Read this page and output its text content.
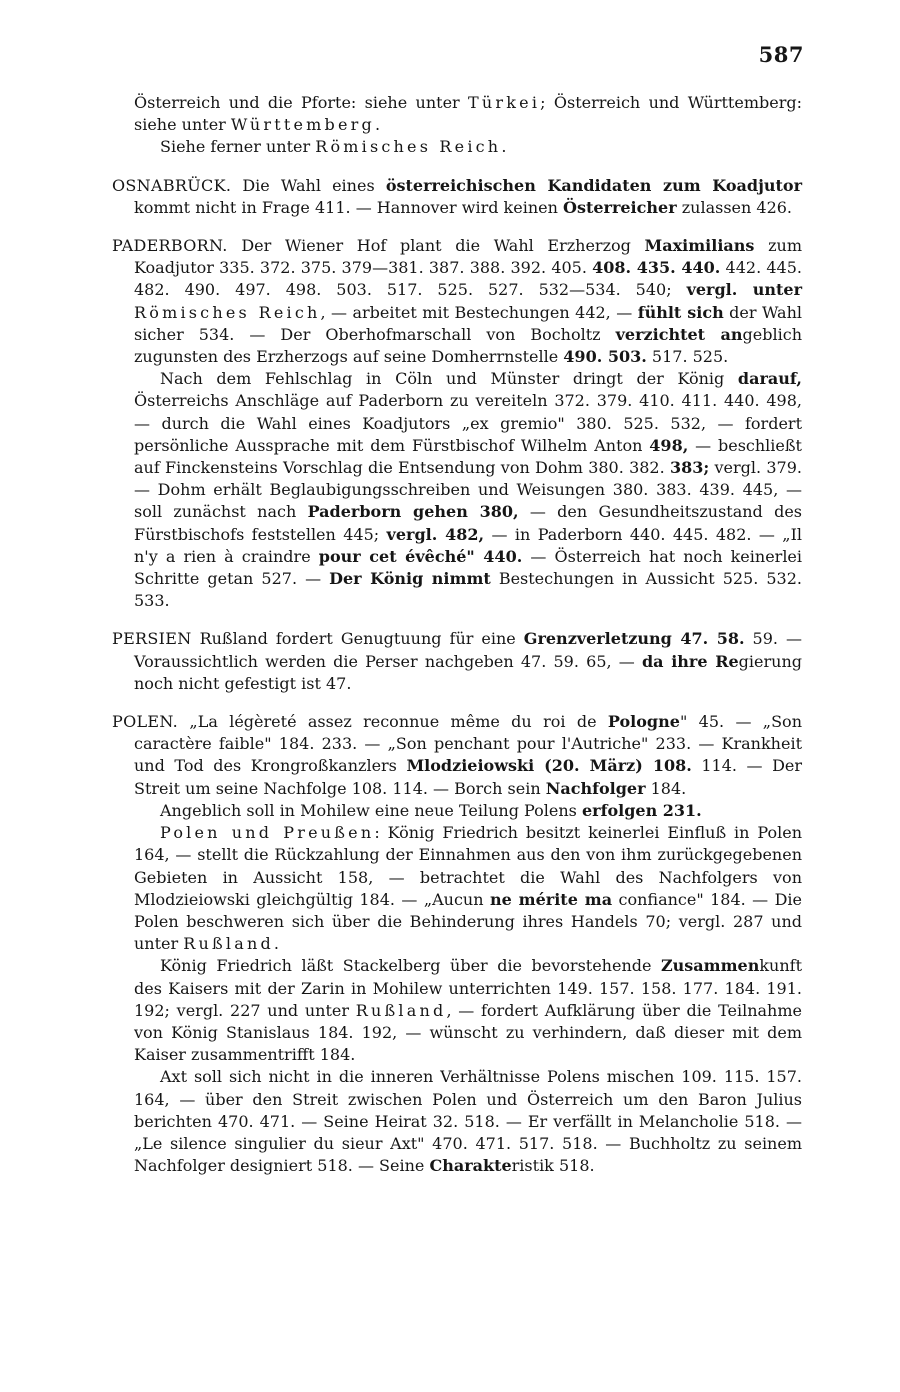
587

Österreich und die Pforte: siehe unter Türkei; Österreich und Württemberg: siehe unter Württemberg.

Siehe ferner unter Römisches Reich.

OSNABRÜCK. Die Wahl eines österreichischen Kandidaten zum Koadjutor kommt nicht in Frage 411. — Hannover wird keinen Österreicher zulassen 426.

PADERBORN. Der Wiener Hof plant die Wahl Erzherzog Maximilians zum Koadjutor 335. 372. 375. 379—381. 387. 388. 392. 405. 408. 435. 440. 442. 445. 482. 490. 497. 498. 503. 517. 525. 527. 532—534. 540; vergl. unter Römisches Reich, — arbeitet mit Bestechungen 442, — fühlt sich der Wahl sicher 534. — Der Oberhofmarschall von Bocholtz verzichtet angeblich zugunsten des Erzherzogs auf seine Domherrnstelle 490. 503. 517. 525.

Nach dem Fehlschlag in Cöln und Münster dringt der König darauf, Österreichs Anschläge auf Paderborn zu vereiteln 372. 379. 410. 411. 440. 498, — durch die Wahl eines Koadjutors „ex gremio" 380. 525. 532, — fordert persönliche Aussprache mit dem Fürstbischof Wilhelm Anton 498, — beschließt auf Finckensteins Vorschlag die Entsendung von Dohm 380. 382. 383; vergl. 379. — Dohm erhält Beglaubigungsschreiben und Weisungen 380. 383. 439. 445, — soll zunächst nach Paderborn gehen 380, — den Gesundheitszustand des Fürstbischofs feststellen 445; vergl. 482, — in Paderborn 440. 445. 482. — „Il n'y a rien à craindre pour cet évêché" 440. — Österreich hat noch keinerlei Schritte getan 527. — Der König nimmt Bestechungen in Aussicht 525. 532. 533.

PERSIEN Rußland fordert Genugtuung für eine Grenzverletzung 47. 58. 59. — Voraussichtlich werden die Perser nachgeben 47. 59. 65, — da ihre Regierung noch nicht gefestigt ist 47.

POLEN. „La légèreté assez reconnue même du roi de Pologne" 45. — „Son caractère faible" 184. 233. — „Son penchant pour l'Autriche" 233. — Krankheit und Tod des Krongroßkanzlers Mlodzieiowski (20. März) 108. 114. — Der Streit um seine Nachfolge 108. 114. — Borch sein Nachfolger 184.

Angeblich soll in Mohilew eine neue Teilung Polens erfolgen 231.

Polen und Preußen: König Friedrich besitzt keinerlei Einfluß in Polen 164, — stellt die Rückzahlung der Einnahmen aus den von ihm zurückgegebenen Gebieten in Aussicht 158, — betrachtet die Wahl des Nachfolgers von Mlodzieiowski gleichgültig 184. — „Aucun ne mérite ma confiance" 184. — Die Polen beschweren sich über die Behinderung ihres Handels 70; vergl. 287 und unter Rußland.

König Friedrich läßt Stackelberg über die bevorstehende Zusammenkunft des Kaisers mit der Zarin in Mohilew unterrichten 149. 157. 158. 177. 184. 191. 192; vergl. 227 und unter Rußland, — fordert Aufklärung über die Teilnahme von König Stanislaus 184. 192, — wünscht zu verhindern, daß dieser mit dem Kaiser zusammentrifft 184.

Axt soll sich nicht in die inneren Verhältnisse Polens mischen 109. 115. 157. 164, — über den Streit zwischen Polen und Österreich um den Baron Julius berichten 470. 471. — Seine Heirat 32. 518. — Er verfällt in Melancholie 518. — „Le silence singulier du sieur Axt" 470. 471. 517. 518. — Buchholtz zu seinem Nachfolger designiert 518. — Seine Charakteristik 518.
